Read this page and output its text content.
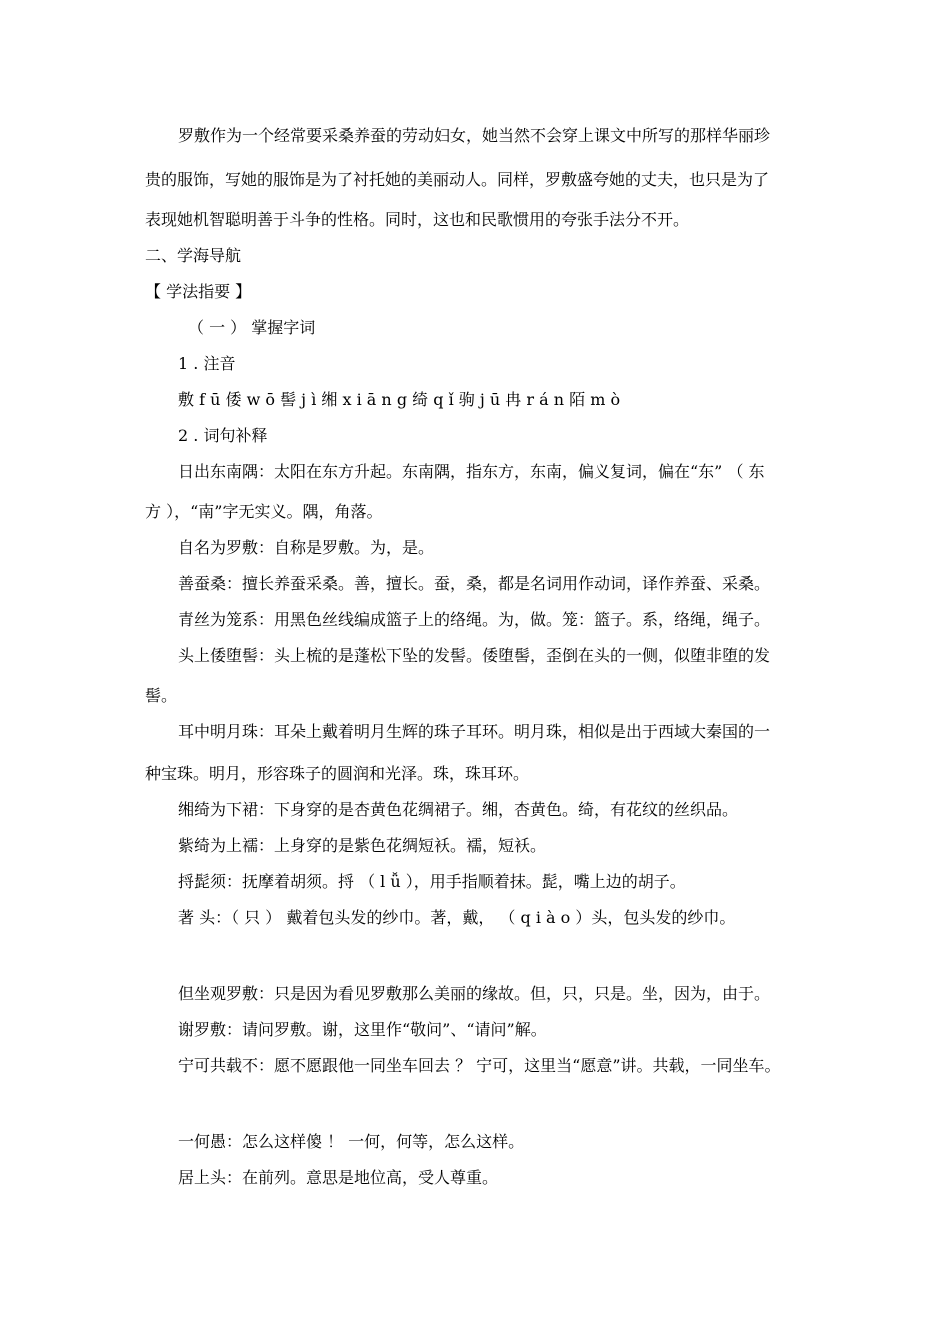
罗敷作为一个经常要采桑养蚕的劳动妇女，她当然不会穿上课文中所写的那样华丽珍
贵的服饰，写她的服饰是为了衬托她的美丽动人。同样，罗敷盛夸她的丈夫，也只是为了
表现她机智聪明善于斗争的性格。同时，这也和民歌惯用的夸张手法分不开。
二、学海导航
【 学法指要 】
（ 一 ） 掌握字词
1 . 注音
敷 f ū 倭 w ō 髻 j ì 缃 x i ā n g 绮 q ǐ 驹 j ū 冉 r á n 陌 m ò
2 . 词句补释
日出东南隅：太阳在东方升起。东南隅，指东方，东南，偏义复词，偏在“东” （ 东
方 ），“南”字无实义。隅，角落。
自名为罗敷：自称是罗敷。为，是。
善蚕桑：擅长养蚕采桑。善，擅长。蚕，桑，都是名词用作动词，译作养蚕、采桑。
青丝为笼系：用黑色丝线编成篮子上的络绳。为，做。笼：篮子。系，络绳，绳子。
头上倭堕髻：头上梳的是蓬松下坠的发髻。倭堕髻，歪倒在头的一侧，似堕非堕的发
髻。
耳中明月珠：耳朵上戴着明月生辉的珠子耳环。明月珠，相似是出于西域大秦国的一
种宝珠。明月，形容珠子的圆润和光泽。珠，珠耳环。
缃绮为下裙：下身穿的是杏黄色花绸裙子。缃，杏黄色。绮，有花纹的丝织品。
紫绮为上襦：上身穿的是紫色花绸短袄。襦，短袄。
捋髭须：抚摩着胡须。捋 （ l ǚ ），用手指顺着抹。髭，嘴上边的胡子。
著 头：（ 只 ） 戴着包头发的纱巾。著，戴， （ q i à o ）头，包头发的纱巾。
但坐观罗敷：只是因为看见罗敷那么美丽的缘故。但，只，只是。坐，因为，由于。
谢罗敷：请问罗敷。谢，这里作“敬问”、“请问”解。
宁可共载不：愿不愿跟他一同坐车回去 ？ 宁可，这里当“愿意”讲。共载，一同坐车。
一何愚：怎么这样傻 ！ 一何，何等，怎么这样。
居上头：在前列。意思是地位高，受人尊重。
